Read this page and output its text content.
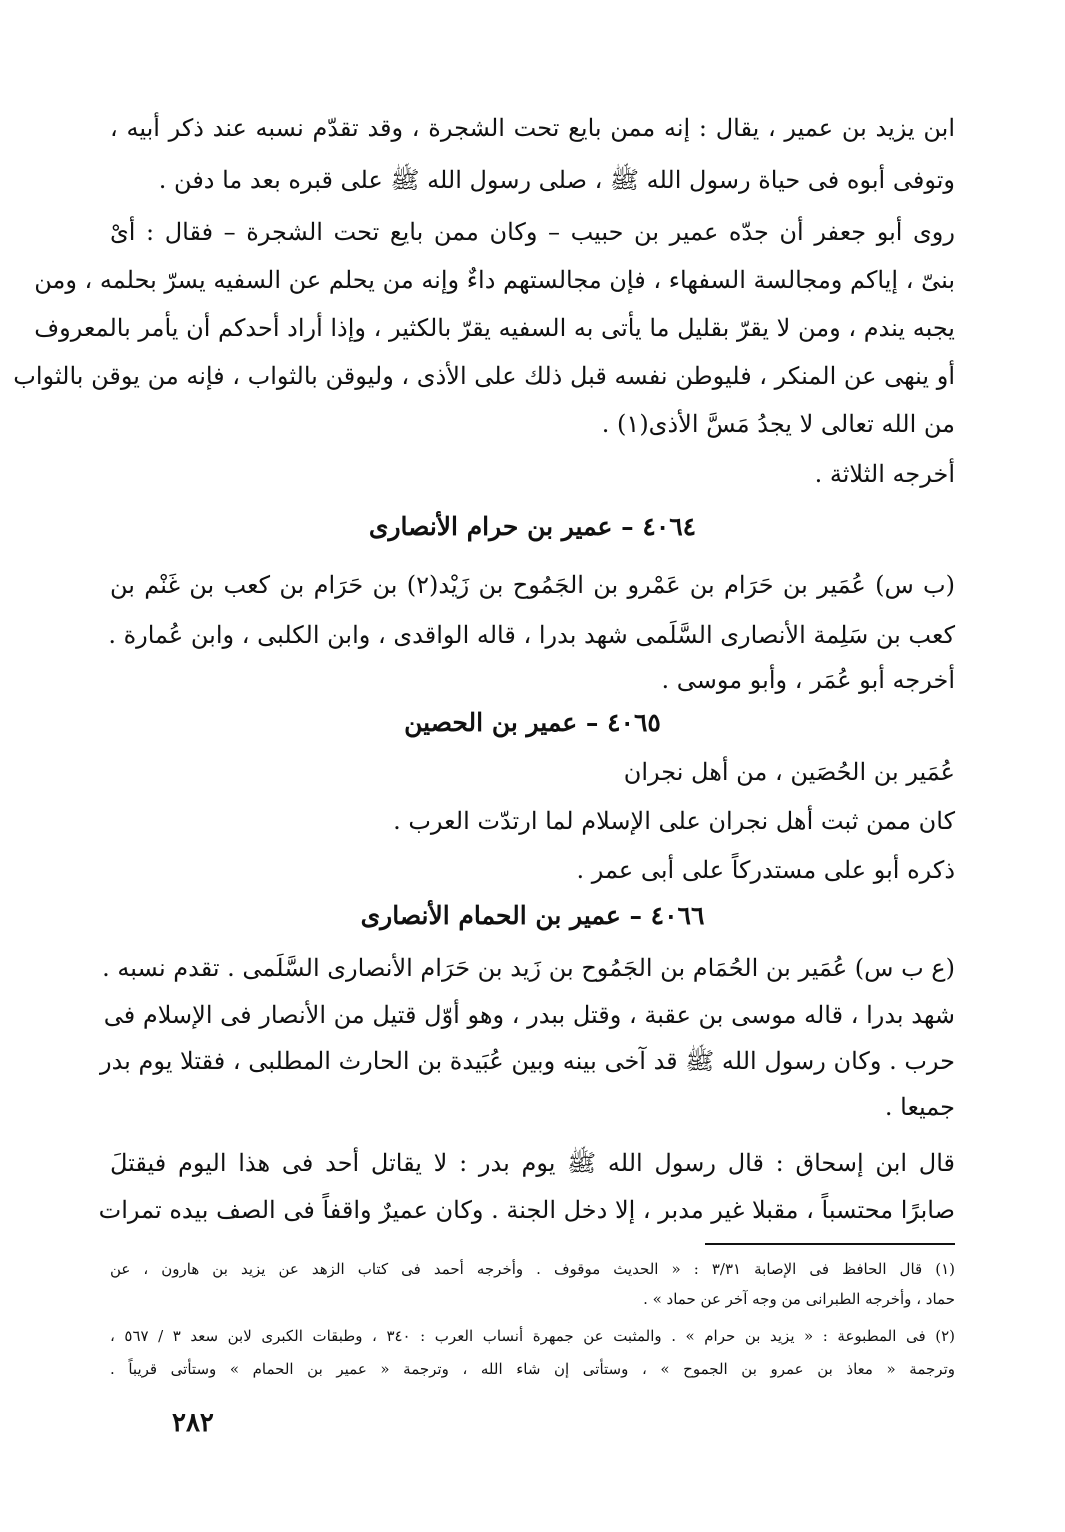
ابن يزيد بن عمير ، يقال : إنه ممن بايع تحت الشجرة ، وقد تقدّم نسبه عند ذكر أبيه ،
وتوفى أبوه فى حياة رسول الله ﷺ ، صلى رسول الله ﷺ على قبره بعد ما دفن .
روى أبو جعفر أن جدّه عمير بن حبيب – وكان ممن بايع تحت الشجرة – فقال : أىْ
بنىّ ، إياكم ومجالسة السفهاء ، فإن مجالستهم داءٌ وإنه من يحلم عن السفيه يسرّ بحلمه ، ومن
يجبه يندم ، ومن لا يقرّ بقليل ما يأتى به السفيه يقرّ بالكثير ، وإذا أراد أحدكم أن يأمر بالمعروف
أو ينهى عن المنكر ، فليوطن نفسه قبل ذلك على الأذى ، وليوقن بالثواب ، فإنه من يوقن بالثواب
من الله تعالى لا يجدُ مَسَّ الأذى(١) .
أخرجه الثلاثة .
٤٠٦٤ – عمير بن حرام الأنصارى
(ب س) عُمَير بن حَرَام بن عَمْرو بن الجَمُوح بن زَيْد(٢) بن حَرَام بن كعب بن غَنْم بن
كعب بن سَلِمة الأنصارى السَّلَمى شهد بدرا ، قاله الواقدى ، وابن الكلبى ، وابن عُمارة .
أخرجه أبو عُمَر ، وأبو موسى .
٤٠٦٥ – عمير بن الحصين
عُمَير بن الحُصَين ، من أهل نجران
كان ممن ثبت أهل نجران على الإسلام لما ارتدّت العرب .
ذكره أبو على مستدركاً على أبى عمر .
٤٠٦٦ – عمير بن الحمام الأنصارى
(ع ب س) عُمَير بن الحُمَام بن الجَمُوح بن زَيد بن حَرَام الأنصارى السَّلَمى . تقدم نسبه .
شهد بدرا ، قاله موسى بن عقبة ، وقتل ببدر ، وهو أوّل قتيل من الأنصار فى الإسلام فى
حرب . وكان رسول الله ﷺ قد آخى بينه وبين عُبَيدة بن الحارث المطلبى ، فقتلا يوم بدر
جميعا .
قال ابن إسحاق : قال رسول الله ﷺ يوم بدر : لا يقاتل أحد فى هذا اليوم فيقتلَ
صابرًا محتسباً ، مقبلا غير مدبر ، إلا دخل الجنة . وكان عميرٌ واقفاً فى الصف بيده تمرات
(١) قال الحافظ فى الإصابة ٣/٣١ : « الحديث موقوف . وأخرجه أحمد فى كتاب الزهد عن يزيد بن هارون ، عن
حماد ، وأخرجه الطبرانى من وجه آخر عن حماد » .
(٢) فى المطبوعة : « يزيد بن حرام » . والمثبت عن جمهرة أنساب العرب : ٣٤٠ ، وطبقات الكبرى لابن سعد ٣ / ٥٦٧ ،
وترجمة « معاذ بن عمرو بن الجموح » ، وستأتى إن شاء الله ، وترجمة « عمير بن الحمام » وستأتى قريباً .
٢٨٢
